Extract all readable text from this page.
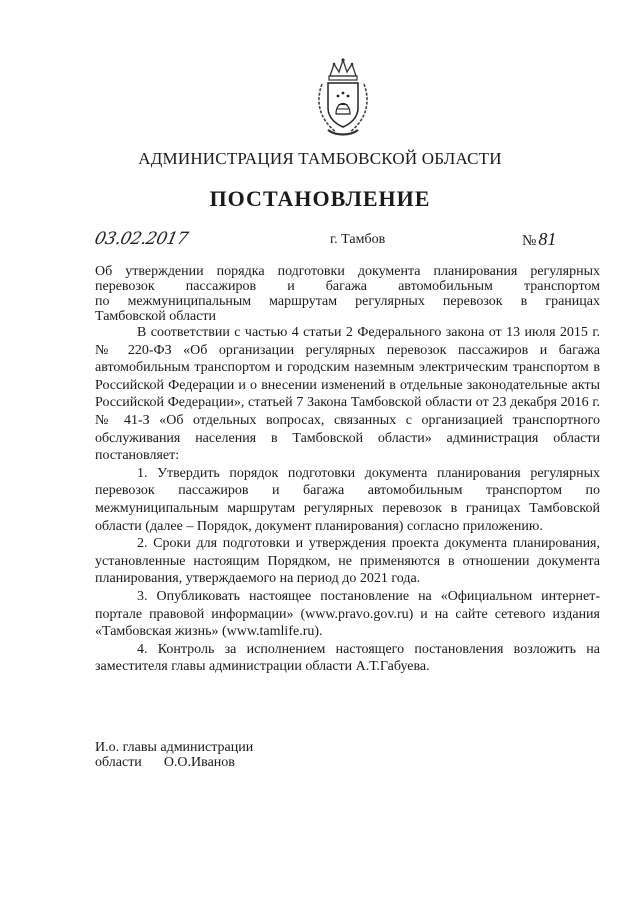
АДМИНИСТРАЦИЯ ТАМБОВСКОЙ ОБЛАСТИ
ПОСТАНОВЛЕНИЕ
03.02.2017	г. Тамбов	№ 81
Об утверждении порядка подготовки документа планирования регулярных
перевозок пассажиров и багажа автомобильным транспортом
по межмуниципальным маршрутам регулярных перевозок в границах
Тамбовской области

В соответствии с частью 4 статьи 2 Федерального закона от 13 июля 2015 г. № 220-ФЗ «Об организации регулярных перевозок пассажиров и багажа автомобильным транспортом и городским наземным электрическим транспортом в Российской Федерации и о внесении изменений в отдельные законодательные акты Российской Федерации», статьей 7 Закона Тамбовской области от 23 декабря 2016 г. № 41-З «Об отдельных вопросах, связанных с организацией транспортного обслуживания населения в Тамбовской области» администрация области постановляет:

1. Утвердить порядок подготовки документа планирования регулярных перевозок пассажиров и багажа автомобильным транспортом по межмуниципальным маршрутам регулярных перевозок в границах Тамбовской области (далее – Порядок, документ планирования) согласно приложению.

2. Сроки для подготовки и утверждения проекта документа планирования, установленные настоящим Порядком, не применяются в отношении документа планирования, утверждаемого на период до 2021 года.

3. Опубликовать настоящее постановление на «Официальном интернет-портале правовой информации» (www.pravo.gov.ru) и на сайте сетевого издания «Тамбовская жизнь» (www.tamlife.ru).

4. Контроль за исполнением настоящего постановления возложить на заместителя главы администрации области А.Т.Габуева.

И.о. главы администрации
области О.О.Иванов
